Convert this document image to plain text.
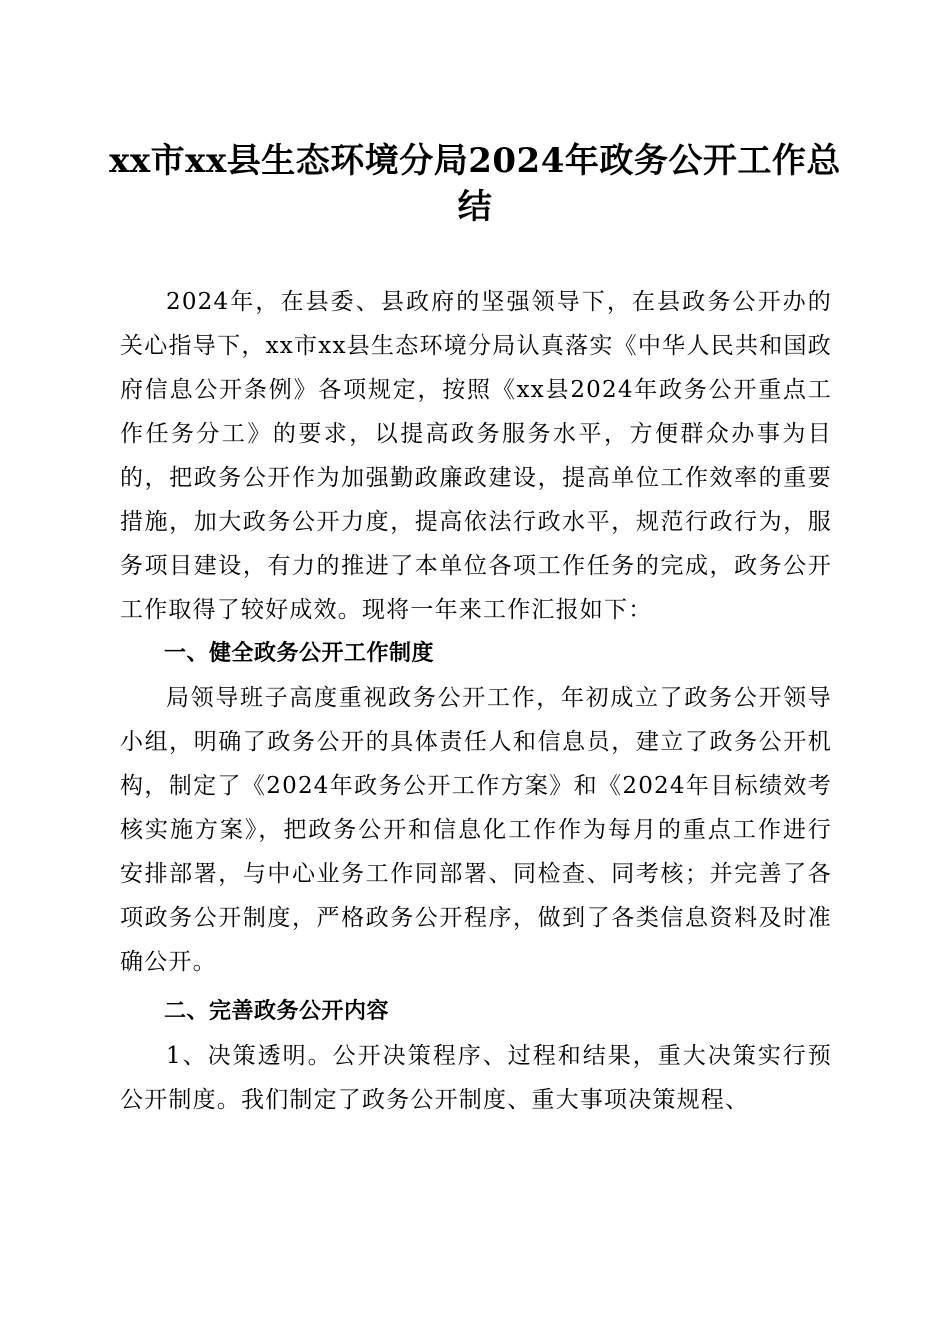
xx市xx县生态环境分局2024年政务公开工作总结

2024年，在县委、县政府的坚强领导下，在县政务公开办的关心指导下，xx市xx县生态环境分局认真落实《中华人民共和国政府信息公开条例》各项规定，按照《xx县2024年政务公开重点工作任务分工》的要求，以提高政务服务水平，方便群众办事为目的，把政务公开作为加强勤政廉政建设，提高单位工作效率的重要措施，加大政务公开力度，提高依法行政水平，规范行政行为，服务项目建设，有力的推进了本单位各项工作任务的完成，政务公开工作取得了较好成效。现将一年来工作汇报如下：

一、健全政务公开工作制度

局领导班子高度重视政务公开工作，年初成立了政务公开领导小组，明确了政务公开的具体责任人和信息员，建立了政务公开机构，制定了《2024年政务公开工作方案》和《2024年目标绩效考核实施方案》，把政务公开和信息化工作作为每月的重点工作进行安排部署，与中心业务工作同部署、同检查、同考核；并完善了各项政务公开制度，严格政务公开程序，做到了各类信息资料及时准确公开。

二、完善政务公开内容

1、决策透明。公开决策程序、过程和结果，重大决策实行预公开制度。我们制定了政务公开制度、重大事项决策规程、
